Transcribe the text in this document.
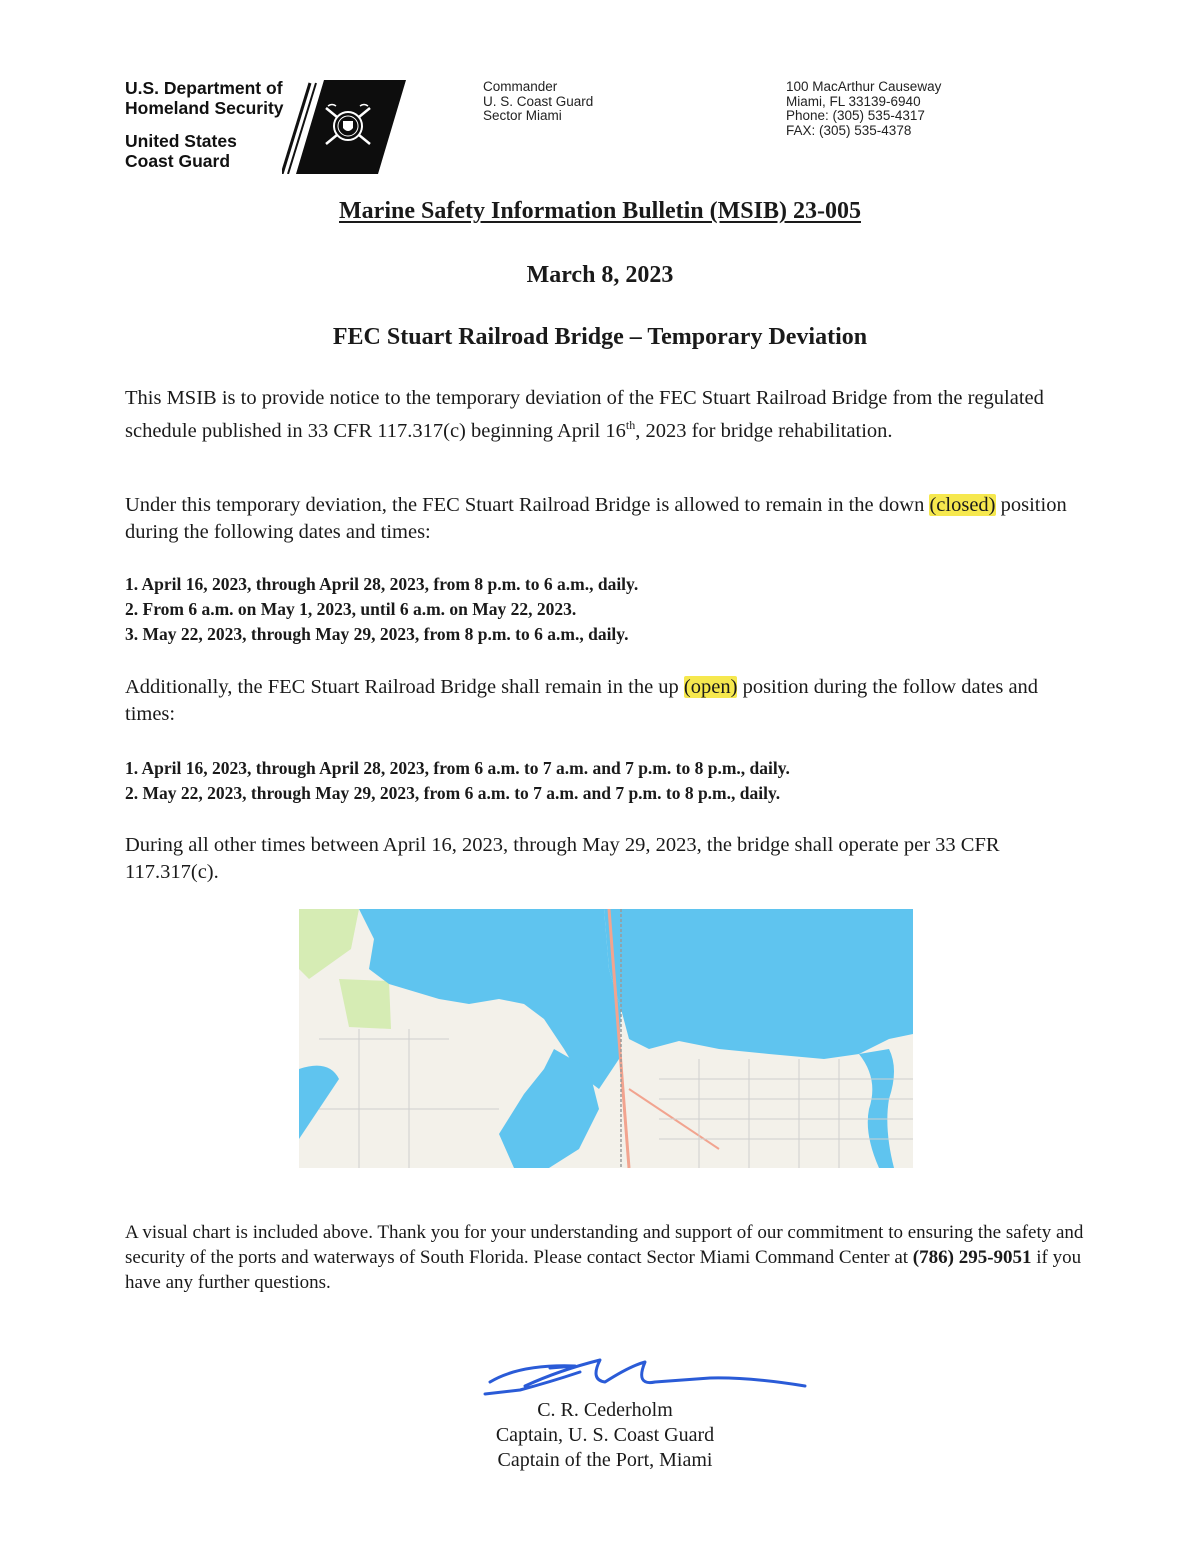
U.S. Department of
Homeland Security
United States
Coast Guard
Commander
U. S. Coast Guard
Sector Miami
100 MacArthur Causeway
Miami, FL 33139-6940
Phone: (305) 535-4317
FAX: (305) 535-4378
Marine Safety Information Bulletin (MSIB) 23-005
March 8, 2023
FEC Stuart Railroad Bridge – Temporary Deviation

This MSIB is to provide notice to the temporary deviation of the FEC Stuart Railroad Bridge from the regulated schedule published in 33 CFR 117.317(c) beginning April 16th, 2023 for bridge rehabilitation.

Under this temporary deviation, the FEC Stuart Railroad Bridge is allowed to remain in the down (closed) position during the following dates and times:

1. April 16, 2023, through April 28, 2023, from 8 p.m. to 6 a.m., daily.
2. From 6 a.m. on May 1, 2023, until 6 a.m. on May 22, 2023.
3. May 22, 2023, through May 29, 2023, from 8 p.m. to 6 a.m., daily.

Additionally, the FEC Stuart Railroad Bridge shall remain in the up (open) position during the follow dates and times:

1. April 16, 2023, through April 28, 2023, from 6 a.m. to 7 a.m. and 7 p.m. to 8 p.m., daily.
2. May 22, 2023, through May 29, 2023, from 6 a.m. to 7 a.m. and 7 p.m. to 8 p.m., daily.
During all other times between April 16, 2023, through May 29, 2023, the bridge shall operate per 33 CFR 117.317(c).
A visual chart is included above. Thank you for your understanding and support of our commitment to ensuring the safety and security of the ports and waterways of South Florida. Please contact Sector Miami Command Center at (786) 295-9051 if you have any further questions.
C. R. Cederholm
Captain, U. S. Coast Guard
Captain of the Port, Miami
